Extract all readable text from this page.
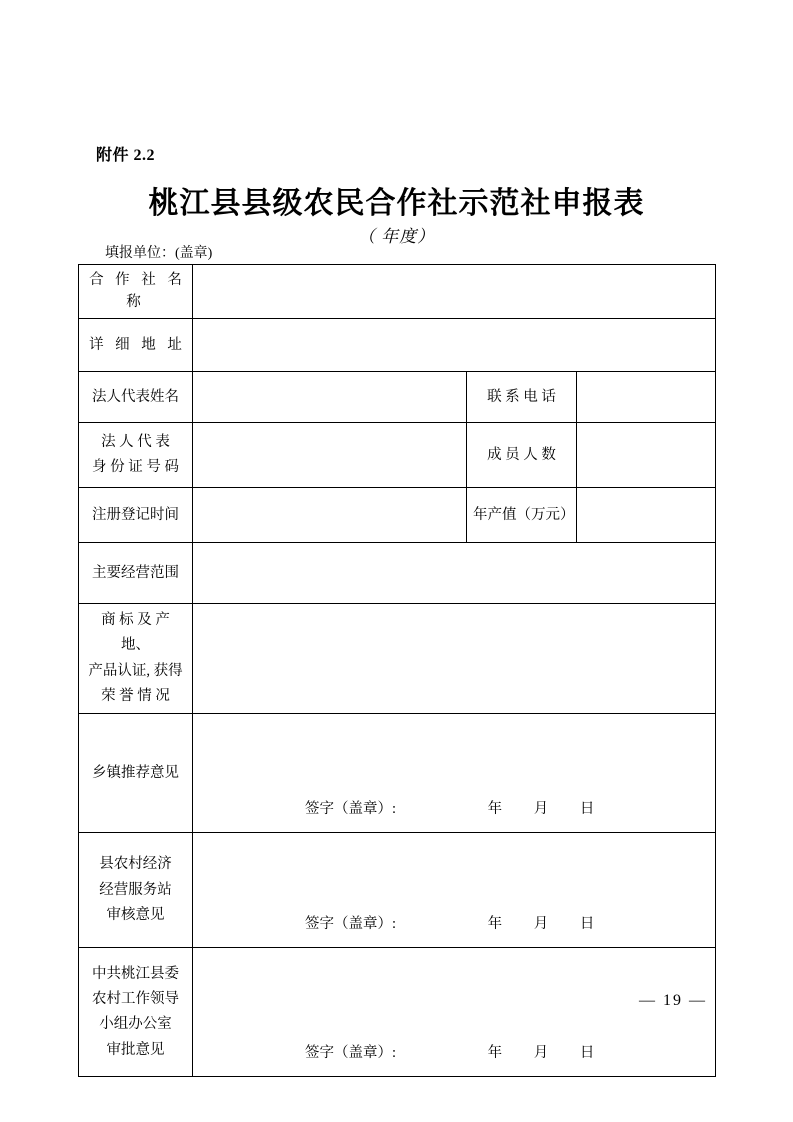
附件 2.2
桃江县县级农民合作社示范社申报表
（ 年度）
填报单位：(盖章)
合 作 社 名 称			
详 细 地 址			
法人代表姓名		联 系 电 话	

法 人 代 表
身 份 证 号 码		成 员 人 数	
注册登记时间		年产值（万元）	
主要经营范围			

商 标 及 产 地、
产品认证, 获得
荣 誉 情 况			

乡镇推荐意见	签字（盖章）: 年 月 日		

县农村经济
经营服务站
审核意见	签字（盖章）: 年 月 日		

中共桃江县委
农村工作领导
小组办公室
审批意见	签字（盖章）: 年 月 日		
— 19 —
